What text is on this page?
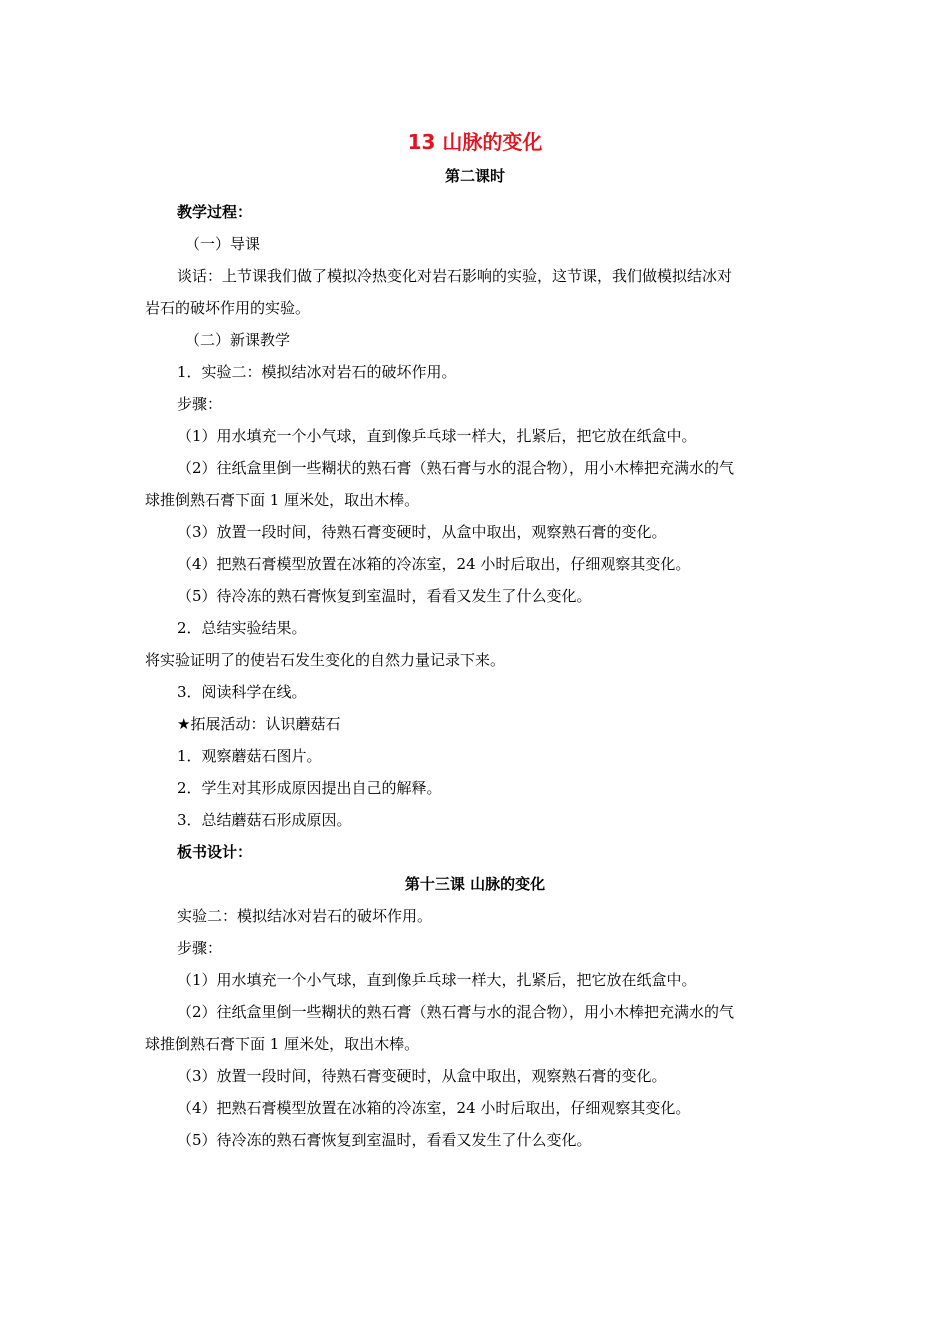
13 山脉的变化
第二课时
教学过程：
（一）导课
谈话：上节课我们做了模拟冷热变化对岩石影响的实验，这节课，我们做模拟结冰对
岩石的破坏作用的实验。
（二）新课教学
1．实验二：模拟结冰对岩石的破坏作用。
步骤：
（1）用水填充一个小气球，直到像乒乓球一样大，扎紧后，把它放在纸盒中。
（2）往纸盒里倒一些糊状的熟石膏（熟石膏与水的混合物），用小木棒把充满水的气
球推倒熟石膏下面 1 厘米处，取出木棒。
（3）放置一段时间，待熟石膏变硬时，从盒中取出，观察熟石膏的变化。
（4）把熟石膏模型放置在冰箱的冷冻室，24 小时后取出，仔细观察其变化。
（5）待冷冻的熟石膏恢复到室温时，看看又发生了什么变化。
2．总结实验结果。
将实验证明了的使岩石发生变化的自然力量记录下来。
3．阅读科学在线。
★拓展活动：认识蘑菇石
1．观察蘑菇石图片。
2．学生对其形成原因提出自己的解释。
3．总结蘑菇石形成原因。
板书设计：
第十三课 山脉的变化
实验二：模拟结冰对岩石的破坏作用。
步骤：
（1）用水填充一个小气球，直到像乒乓球一样大，扎紧后，把它放在纸盒中。
（2）往纸盒里倒一些糊状的熟石膏（熟石膏与水的混合物），用小木棒把充满水的气
球推倒熟石膏下面 1 厘米处，取出木棒。
（3）放置一段时间，待熟石膏变硬时，从盒中取出，观察熟石膏的变化。
（4）把熟石膏模型放置在冰箱的冷冻室，24 小时后取出，仔细观察其变化。
（5）待冷冻的熟石膏恢复到室温时，看看又发生了什么变化。
